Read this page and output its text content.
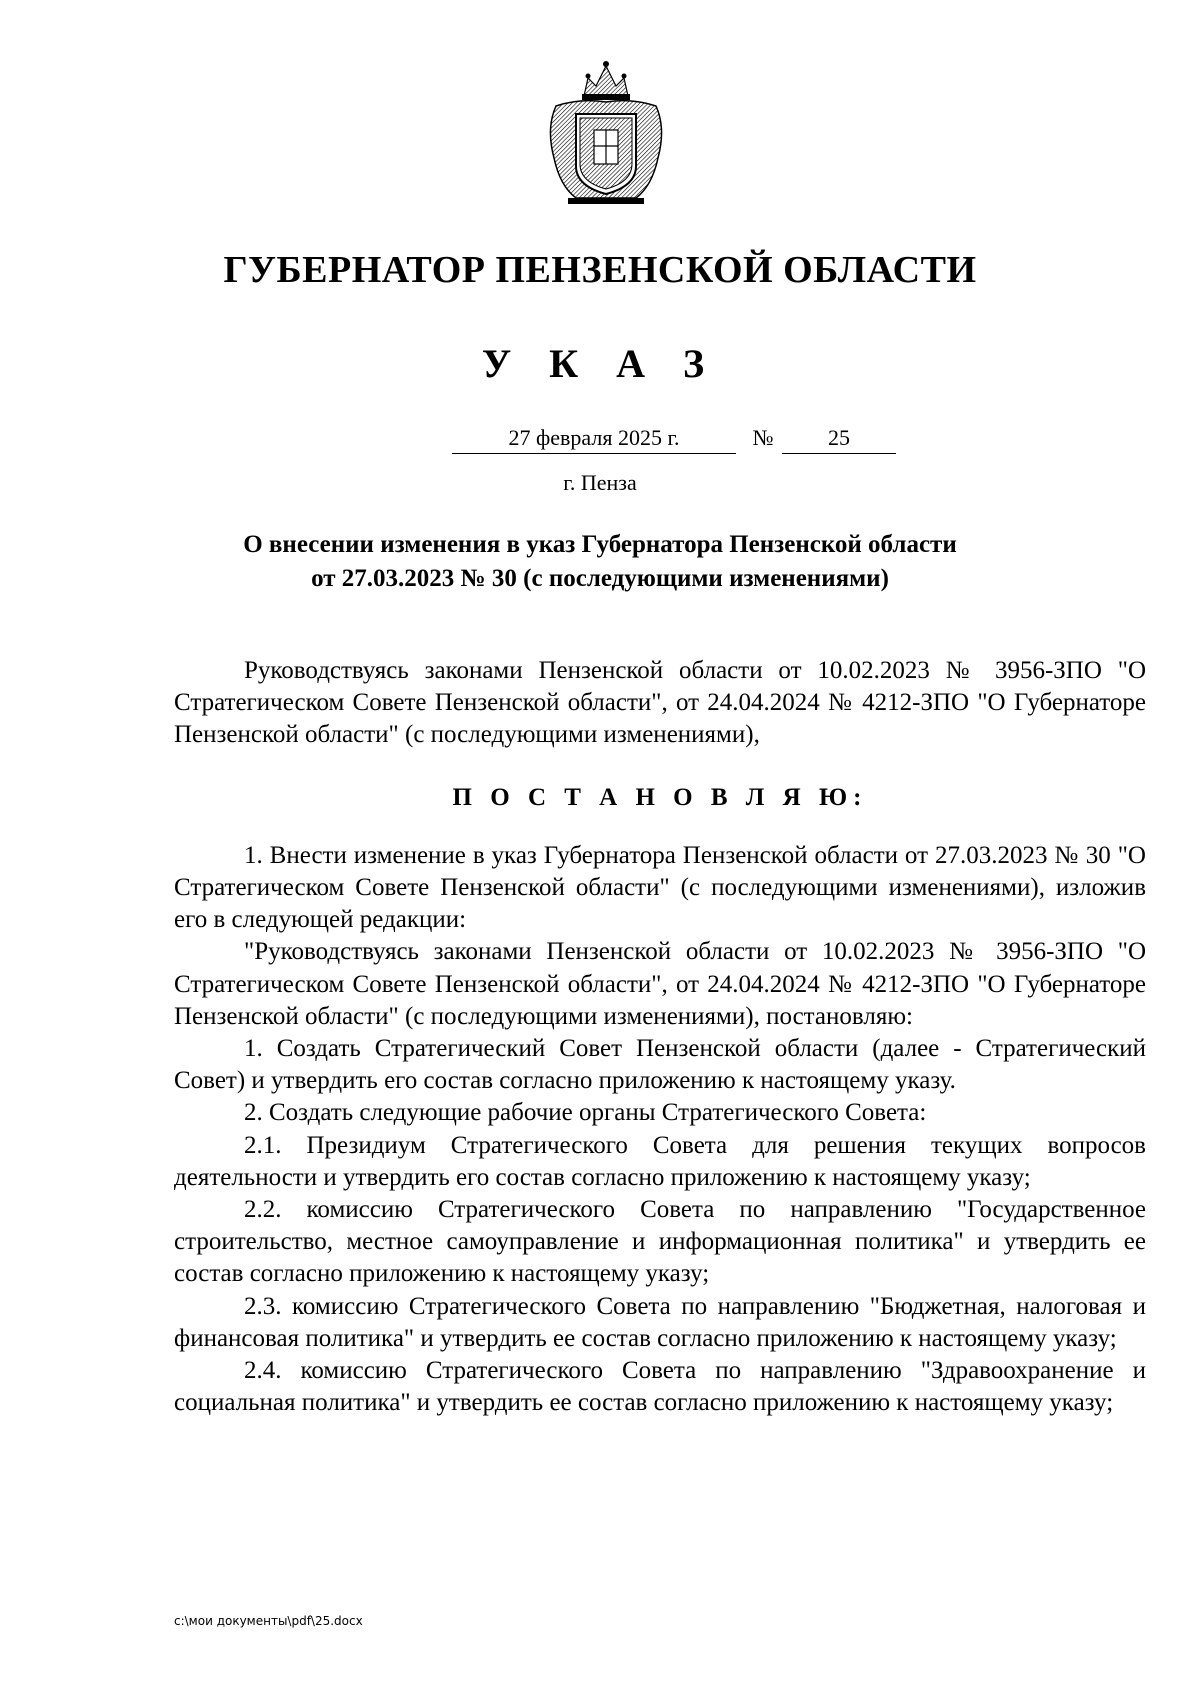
ГУБЕРНАТОР ПЕНЗЕНСКОЙ ОБЛАСТИ
У К А З
27 февраля 2025 г.	№	25
г. Пенза
О внесении изменения в указ Губернатора Пензенской области
от 27.03.2023 № 30 (с последующими изменениями)

Руководствуясь законами Пензенской области от 10.02.2023 № 3956-ЗПО "О Стратегическом Совете Пензенской области", от 24.04.2024 № 4212-ЗПО "О Губернаторе Пензенской области" (с последующими изменениями),

П О С Т А Н О В Л Я Ю:

1. Внести изменение в указ Губернатора Пензенской области от 27.03.2023 № 30 "О Стратегическом Совете Пензенской области" (с последующими изменениями), изложив его в следующей редакции:

"Руководствуясь законами Пензенской области от 10.02.2023 № 3956-ЗПО "О Стратегическом Совете Пензенской области", от 24.04.2024 № 4212-ЗПО "О Губернаторе Пензенской области" (с последующими изменениями), постановляю:

1. Создать Стратегический Совет Пензенской области (далее - Стратегический Совет) и утвердить его состав согласно приложению к настоящему указу.

2. Создать следующие рабочие органы Стратегического Совета:

2.1. Президиум Стратегического Совета для решения текущих вопросов деятельности и утвердить его состав согласно приложению к настоящему указу;

2.2. комиссию Стратегического Совета по направлению "Государственное строительство, местное самоуправление и информационная политика" и утвердить ее состав согласно приложению к настоящему указу;

2.3. комиссию Стратегического Совета по направлению "Бюджетная, налоговая и финансовая политика" и утвердить ее состав согласно приложению к настоящему указу;

2.4. комиссию Стратегического Совета по направлению "Здравоохранение и социальная политика" и утвердить ее состав согласно приложению к настоящему указу;

c:\мои документы\pdf\25.docx
